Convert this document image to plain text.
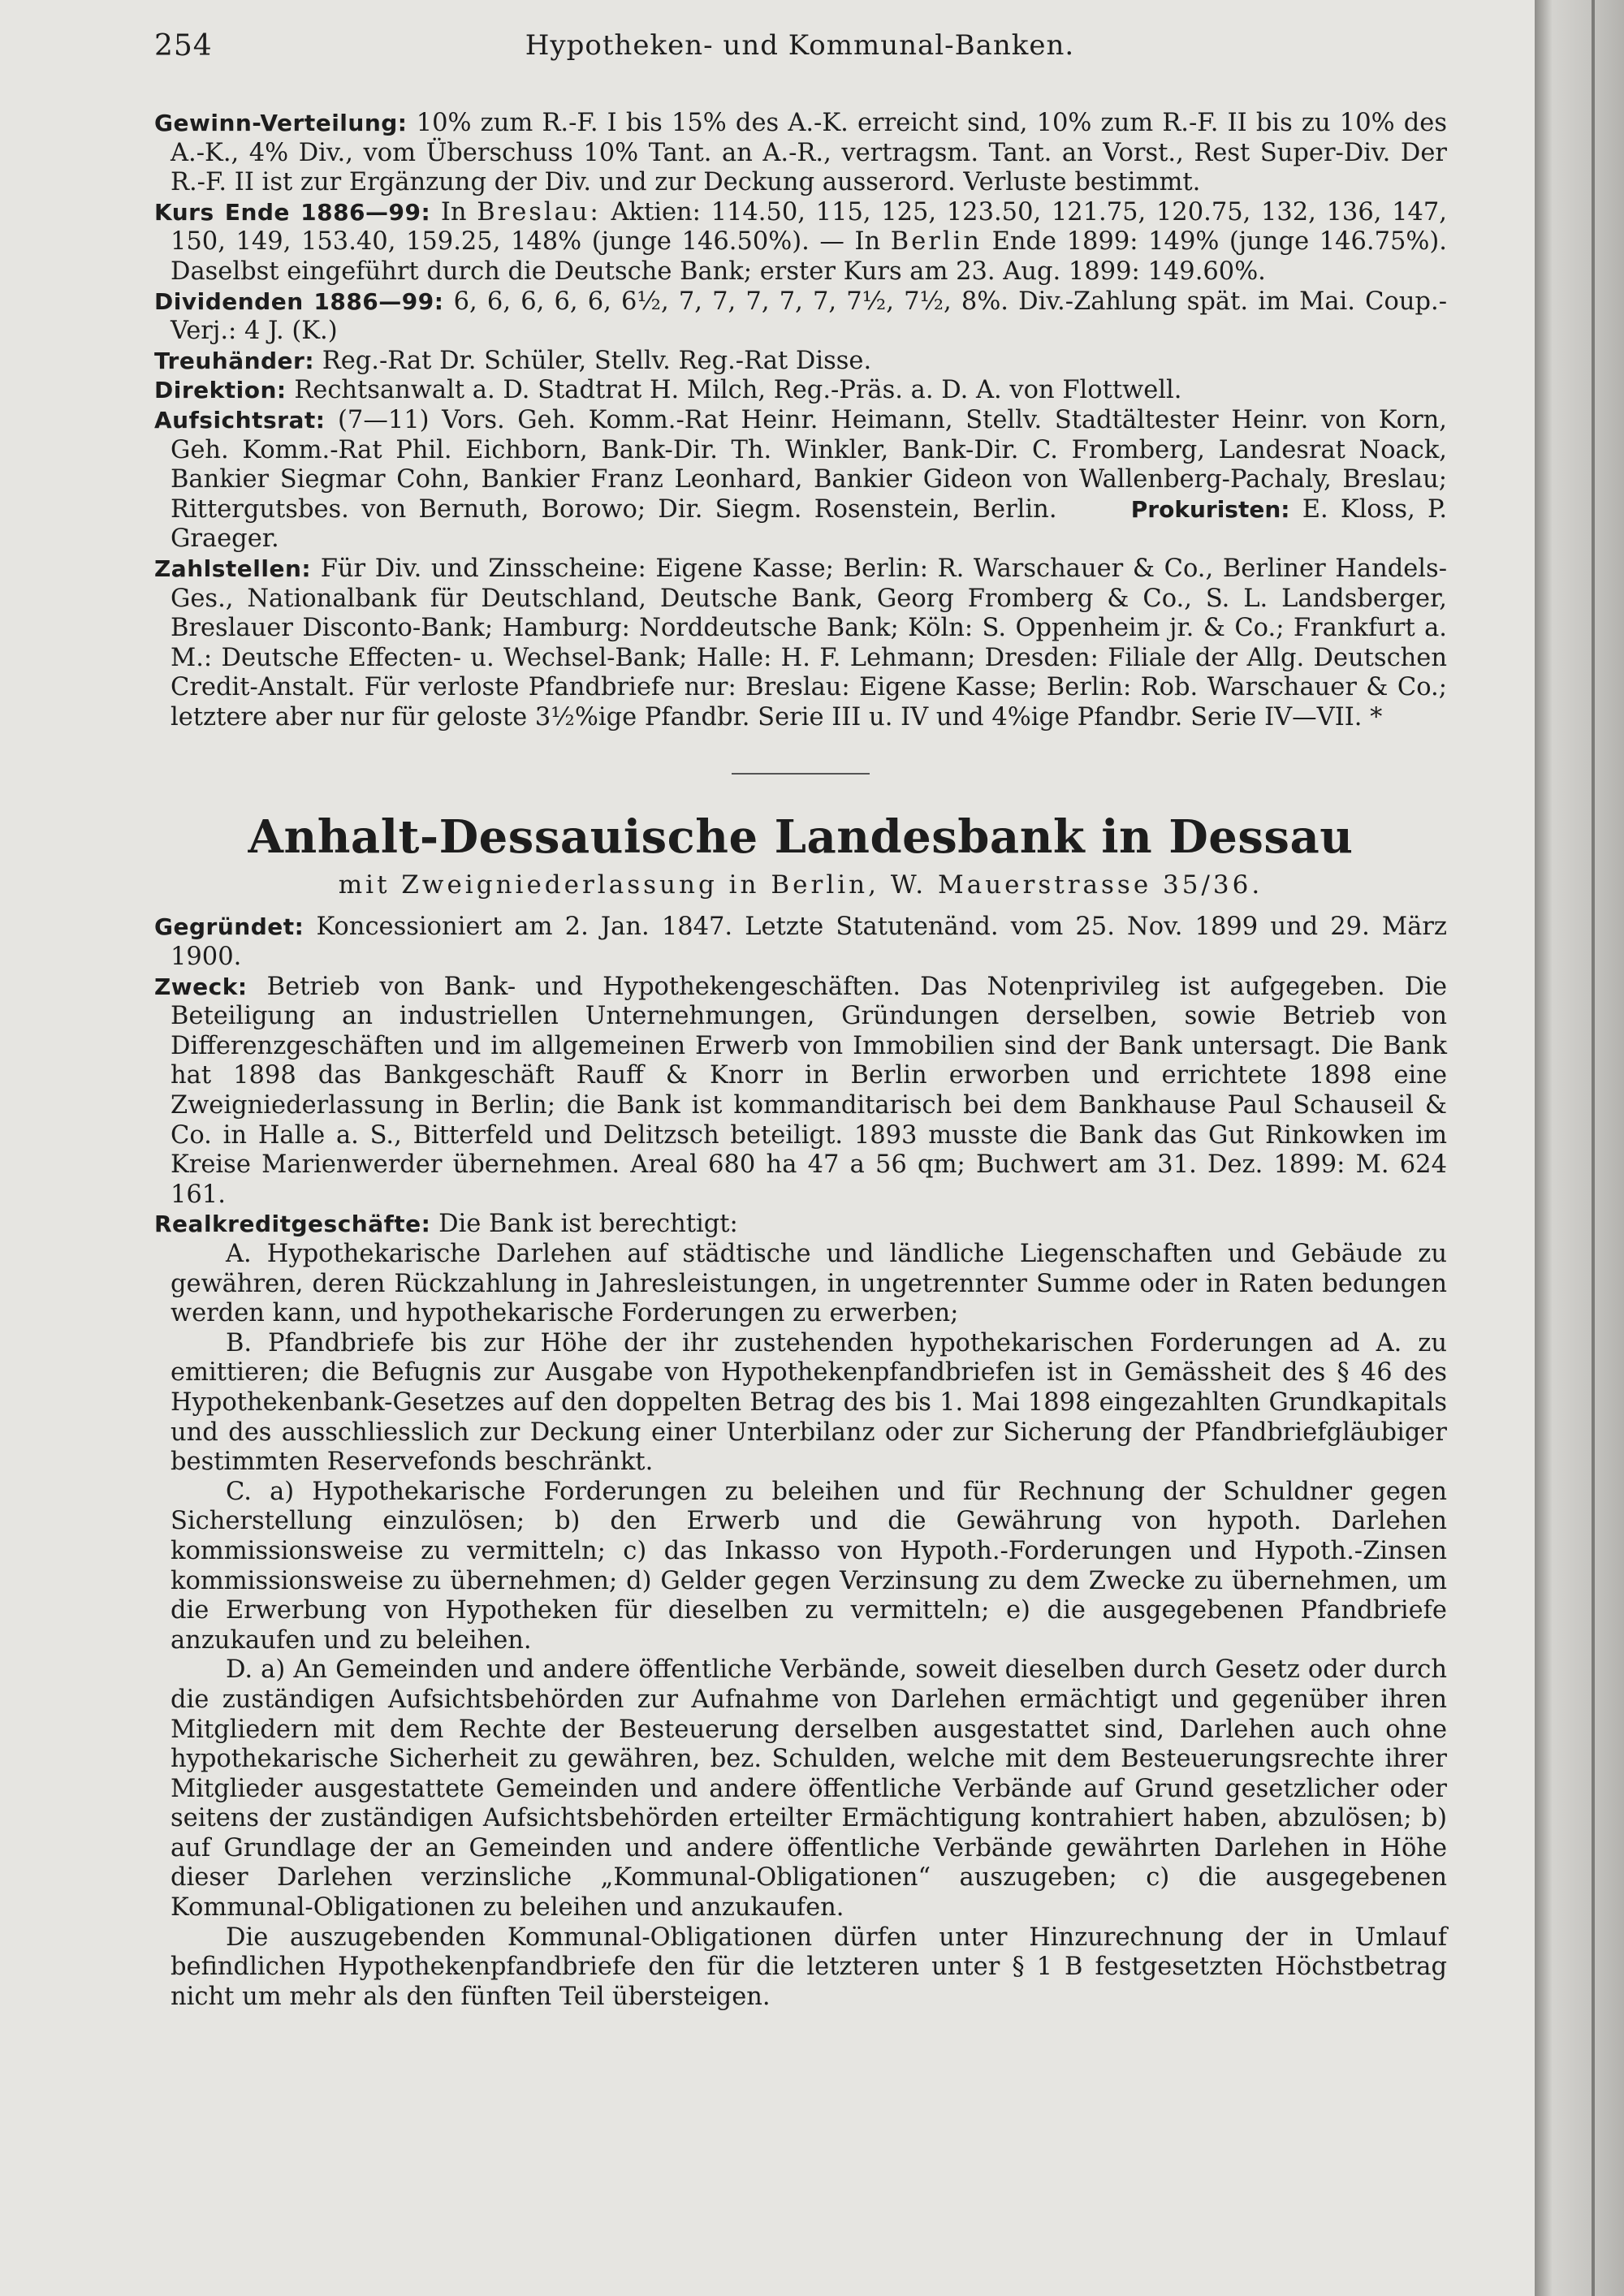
254	Hypotheken- und Kommunal-Banken.

Gewinn-Verteilung: 10% zum R.-F. I bis 15% des A.-K. erreicht sind, 10% zum R.-F. II bis zu 10% des A.-K., 4% Div., vom Überschuss 10% Tant. an A.-R., vertragsm. Tant. an Vorst., Rest Super-Div. Der R.-F. II ist zur Ergänzung der Div. und zur Deckung ausserord. Verluste bestimmt.

Kurs Ende 1886—99: In Breslau: Aktien: 114.50, 115, 125, 123.50, 121.75, 120.75, 132, 136, 147, 150, 149, 153.40, 159.25, 148% (junge 146.50%). — In Berlin Ende 1899: 149% (junge 146.75%). Daselbst eingeführt durch die Deutsche Bank; erster Kurs am 23. Aug. 1899: 149.60%.

Dividenden 1886—99: 6, 6, 6, 6, 6, 6½, 7, 7, 7, 7, 7, 7½, 7½, 8%. Div.-Zahlung spät. im Mai. Coup.-Verj.: 4 J. (K.)

Treuhänder: Reg.-Rat Dr. Schüler, Stellv. Reg.-Rat Disse.

Direktion: Rechtsanwalt a. D. Stadtrat H. Milch, Reg.-Präs. a. D. A. von Flottwell.

Aufsichtsrat: (7—11) Vors. Geh. Komm.-Rat Heinr. Heimann, Stellv. Stadtältester Heinr. von Korn, Geh. Komm.-Rat Phil. Eichborn, Bank-Dir. Th. Winkler, Bank-Dir. C. Fromberg, Landesrat Noack, Bankier Siegmar Cohn, Bankier Franz Leonhard, Bankier Gideon von Wallenberg-Pachaly, Breslau; Rittergutsbes. von Bernuth, Borowo; Dir. Siegm. Rosenstein, Berlin.	Prokuristen: E. Kloss, P. Graeger.

Zahlstellen: Für Div. und Zinsscheine: Eigene Kasse; Berlin: R. Warschauer & Co., Berliner Handels-Ges., Nationalbank für Deutschland, Deutsche Bank, Georg Fromberg & Co., S. L. Landsberger, Breslauer Disconto-Bank; Hamburg: Norddeutsche Bank; Köln: S. Oppenheim jr. & Co.; Frankfurt a. M.: Deutsche Effecten- u. Wechsel-Bank; Halle: H. F. Lehmann; Dresden: Filiale der Allg. Deutschen Credit-Anstalt. Für verloste Pfandbriefe nur: Breslau: Eigene Kasse; Berlin: Rob. Warschauer & Co.; letztere aber nur für geloste 3½%ige Pfandbr. Serie III u. IV und 4%ige Pfandbr. Serie IV—VII. *

Anhalt-Dessauische Landesbank in Dessau
mit Zweigniederlassung in Berlin, W. Mauerstrasse 35/36.

Gegründet: Koncessioniert am 2. Jan. 1847. Letzte Statutenänd. vom 25. Nov. 1899 und 29. März 1900.

Zweck: Betrieb von Bank- und Hypothekengeschäften. Das Notenprivileg ist aufgegeben. Die Beteiligung an industriellen Unternehmungen, Gründungen derselben, sowie Betrieb von Differenzgeschäften und im allgemeinen Erwerb von Immobilien sind der Bank untersagt. Die Bank hat 1898 das Bankgeschäft Rauff & Knorr in Berlin erworben und errichtete 1898 eine Zweigniederlassung in Berlin; die Bank ist kommanditarisch bei dem Bankhause Paul Schauseil & Co. in Halle a. S., Bitterfeld und Delitzsch beteiligt. 1893 musste die Bank das Gut Rinkowken im Kreise Marienwerder übernehmen. Areal 680 ha 47 a 56 qm; Buchwert am 31. Dez. 1899: M. 624 161.

Realkreditgeschäfte: Die Bank ist berechtigt:

A. Hypothekarische Darlehen auf städtische und ländliche Liegenschaften und Gebäude zu gewähren, deren Rückzahlung in Jahresleistungen, in ungetrennter Summe oder in Raten bedungen werden kann, und hypothekarische Forderungen zu erwerben;

B. Pfandbriefe bis zur Höhe der ihr zustehenden hypothekarischen Forderungen ad A. zu emittieren; die Befugnis zur Ausgabe von Hypothekenpfandbriefen ist in Gemässheit des § 46 des Hypothekenbank-Gesetzes auf den doppelten Betrag des bis 1. Mai 1898 eingezahlten Grundkapitals und des ausschliesslich zur Deckung einer Unterbilanz oder zur Sicherung der Pfandbriefgläubiger bestimmten Reservefonds beschränkt.

C. a) Hypothekarische Forderungen zu beleihen und für Rechnung der Schuldner gegen Sicherstellung einzulösen; b) den Erwerb und die Gewährung von hypoth. Darlehen kommissionsweise zu vermitteln; c) das Inkasso von Hypoth.-Forderungen und Hypoth.-Zinsen kommissionsweise zu übernehmen; d) Gelder gegen Verzinsung zu dem Zwecke zu übernehmen, um die Erwerbung von Hypotheken für dieselben zu vermitteln; e) die ausgegebenen Pfandbriefe anzukaufen und zu beleihen.

D. a) An Gemeinden und andere öffentliche Verbände, soweit dieselben durch Gesetz oder durch die zuständigen Aufsichtsbehörden zur Aufnahme von Darlehen ermächtigt und gegenüber ihren Mitgliedern mit dem Rechte der Besteuerung derselben ausgestattet sind, Darlehen auch ohne hypothekarische Sicherheit zu gewähren, bez. Schulden, welche mit dem Besteuerungsrechte ihrer Mitglieder ausgestattete Gemeinden und andere öffentliche Verbände auf Grund gesetzlicher oder seitens der zuständigen Aufsichtsbehörden erteilter Ermächtigung kontrahiert haben, abzulösen; b) auf Grundlage der an Gemeinden und andere öffentliche Verbände gewährten Darlehen in Höhe dieser Darlehen verzinsliche „Kommunal-Obligationen“ auszugeben; c) die ausgegebenen Kommunal-Obligationen zu beleihen und anzukaufen.

Die auszugebenden Kommunal-Obligationen dürfen unter Hinzurechnung der in Umlauf befindlichen Hypothekenpfandbriefe den für die letzteren unter § 1 B festgesetzten Höchstbetrag nicht um mehr als den fünften Teil übersteigen.
